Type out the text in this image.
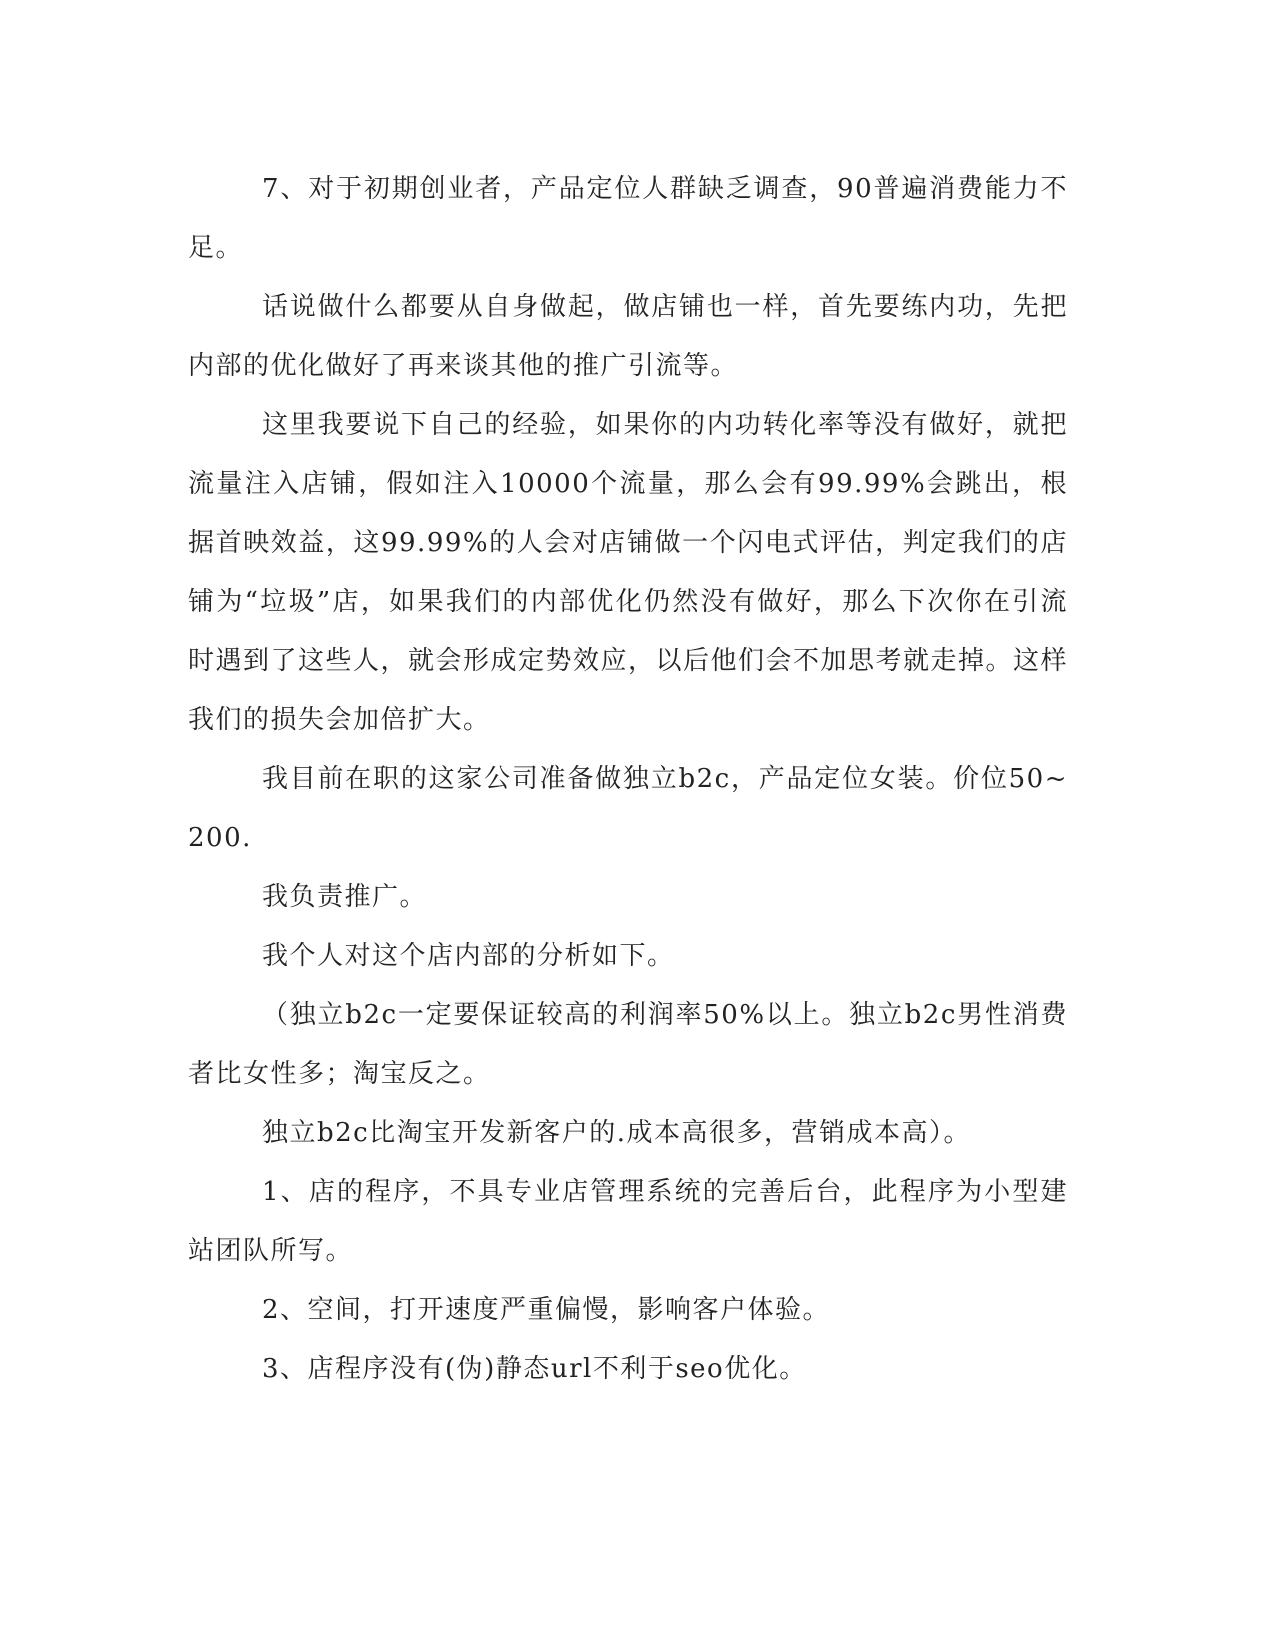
7、对于初期创业者，产品定位人群缺乏调查，90普遍消费能力不足。

话说做什么都要从自身做起，做店铺也一样，首先要练内功，先把内部的优化做好了再来谈其他的推广引流等。

这里我要说下自己的经验，如果你的内功转化率等没有做好，就把流量注入店铺，假如注入10000个流量，那么会有99.99%会跳出，根据首映效益，这99.99%的人会对店铺做一个闪电式评估，判定我们的店铺为“垃圾”店，如果我们的内部优化仍然没有做好，那么下次你在引流时遇到了这些人，就会形成定势效应，以后他们会不加思考就走掉。这样我们的损失会加倍扩大。

我目前在职的这家公司准备做独立b2c，产品定位女装。价位50~200.

我负责推广。

我个人对这个店内部的分析如下。

（独立b2c一定要保证较高的利润率50%以上。独立b2c男性消费者比女性多；淘宝反之。

独立b2c比淘宝开发新客户的.成本高很多，营销成本高）。

1、店的程序，不具专业店管理系统的完善后台，此程序为小型建站团队所写。

2、空间，打开速度严重偏慢，影响客户体验。

3、店程序没有(伪)静态url不利于seo优化。
